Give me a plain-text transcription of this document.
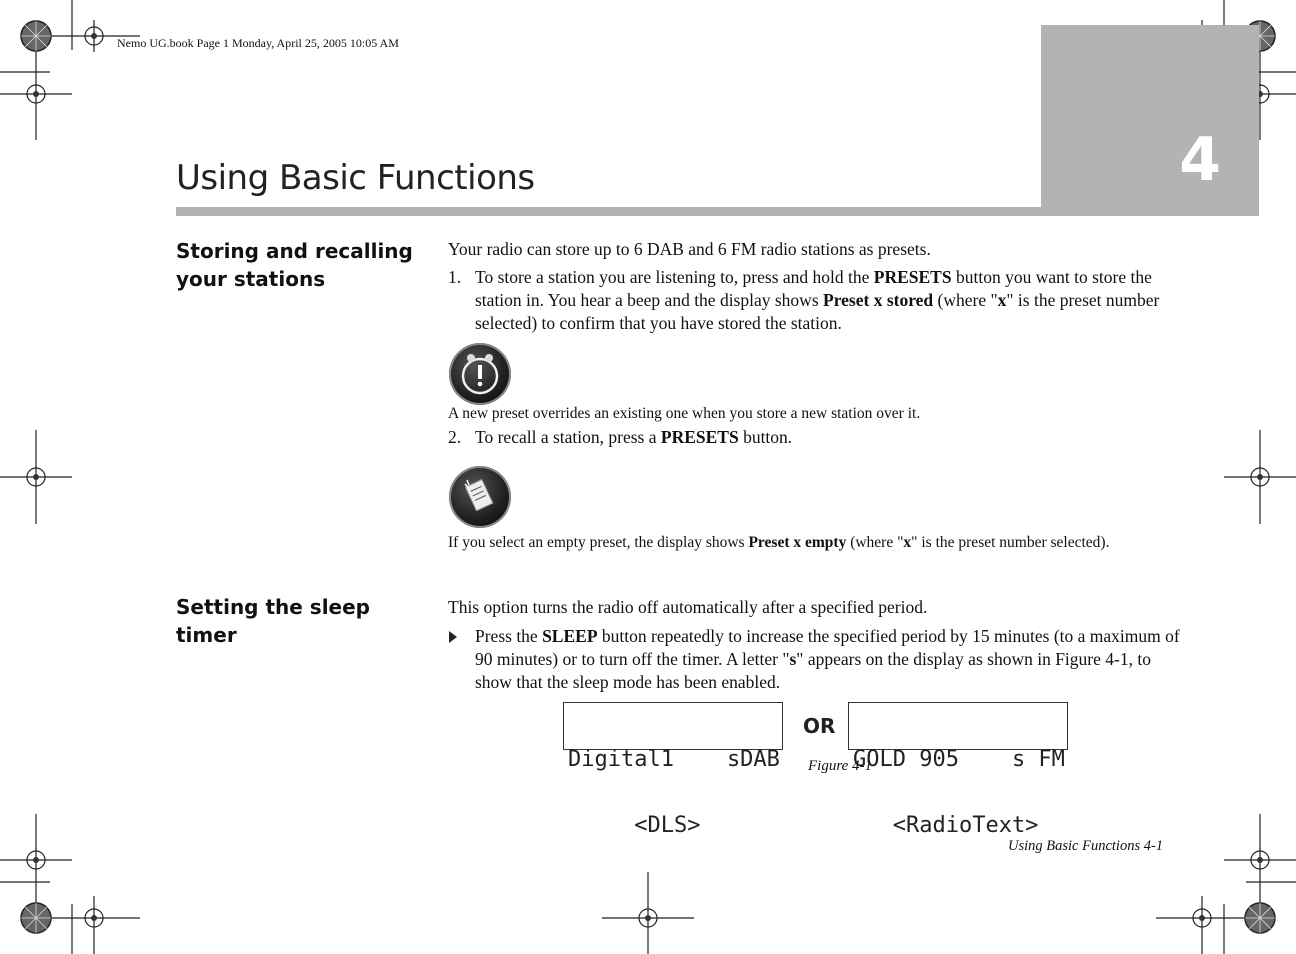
Nemo UG.book Page 1 Monday, April 25, 2005 10:05 AM
4
Using Basic Functions
Storing and recalling
your stations
Your radio can store up to 6 DAB and 6 FM radio stations as presets.
1. To store a station you are listening to, press and hold the PRESETS button you want to store the station in. You hear a beep and the display shows Preset x stored (where "x" is the preset number selected) to confirm that you have stored the station.
A new preset overrides an existing one when you store a new station over it.
2. To recall a station, press a PRESETS button.
If you select an empty preset, the display shows Preset x empty (where "x" is the preset number selected).
Setting the sleep
timer
This option turns the radio off automatically after a specified period.
Press the SLEEP button repeatedly to increase the specified period by 15 minutes (to a maximum of 90 minutes) or to turn off the timer. A letter "s" appears on the display as shown in Figure 4-1, to show that the sleep mode has been enabled.

Digital1    sDAB

<DLS>

OR

GOLD 905    s FM

<RadioText>

Figure 4-1
Using Basic Functions 4-1
